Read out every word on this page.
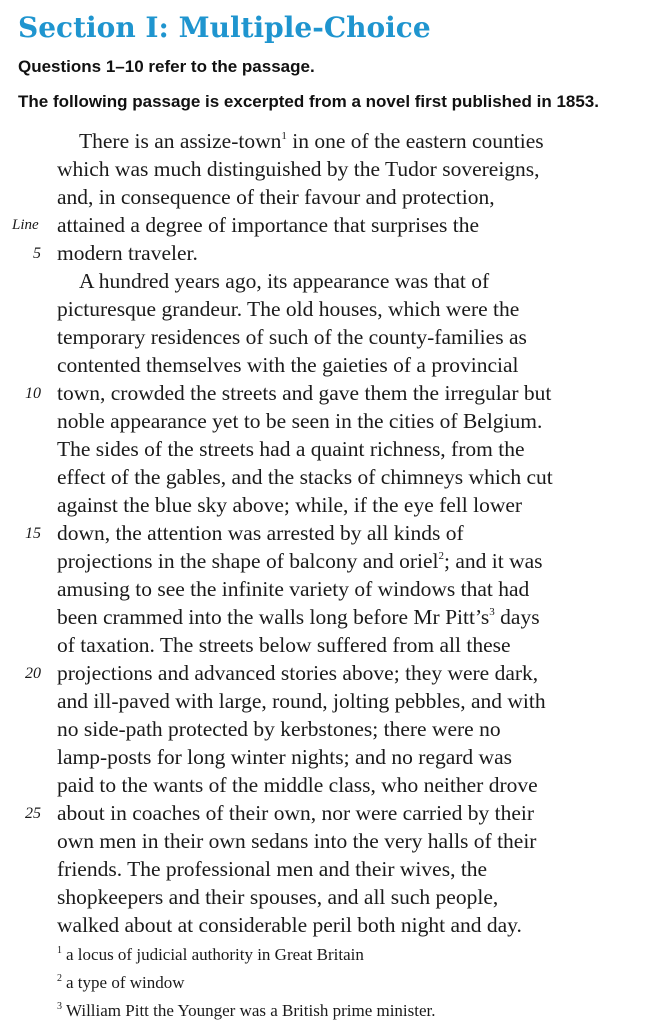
Section I: Multiple-Choice

Questions 1–10 refer to the passage.

The following passage is excerpted from a novel first published in 1853.

There is an assize-town$^1$ in one of the eastern counties
which was much distinguished by the Tudor sovereigns,
and, in consequence of their favour and protection,
Line attained a degree of importance that surprises the
5 modern traveler.
A hundred years ago, its appearance was that of
picturesque grandeur. The old houses, which were the
temporary residences of such of the county-families as
contented themselves with the gaieties of a provincial
10 town, crowded the streets and gave them the irregular but
noble appearance yet to be seen in the cities of Belgium.
The sides of the streets had a quaint richness, from the
effect of the gables, and the stacks of chimneys which cut
against the blue sky above; while, if the eye fell lower
15 down, the attention was arrested by all kinds of
projections in the shape of balcony and oriel$^2$; and it was
amusing to see the infinite variety of windows that had
been crammed into the walls long before Mr $Pitt’s^3$ days
of taxation. The streets below suffered from all these
20 projections and advanced stories above; they were dark,
and ill-paved with large, round, jolting pebbles, and with
no side-path protected by kerbstones; there were no
lamp-posts for long winter nights; and no regard was
paid to the wants of the middle class, who neither drove
25 about in coaches of their own, nor were carried by their
own men in their own sedans into the very halls of their
friends. The professional men and their wives, the
shopkeepers and their spouses, and all such people,
walked about at considerable peril both night and day.
$^1$ a locus of judicial authority in Great Britain
$^2$ a type of window
$^3$ William Pitt the Younger was a British prime minister.
